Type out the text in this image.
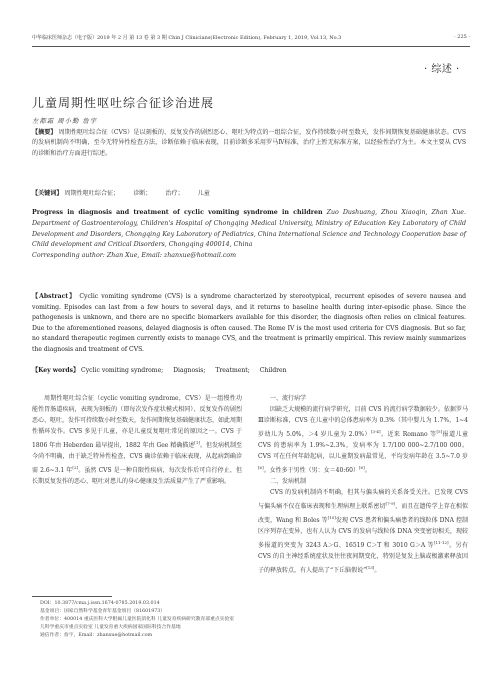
中华临床医师杂志（电子版）2019 年 2 月 第 13 卷 第 3 期 Chin J Clinicians(Electronic Edition), February 1, 2019, Vol.13, No.3	· 225 ·
· 综述 ·
儿童周期性呕吐综合征诊治进展
左都霜 周小勤 詹宇
【摘要】 周期性呕吐综合征（CVS）是以刻板的、反复发作的剧烈恶心、呕吐为特点的一组综合征，发作持续数小时至数天，发作间期恢复基础健康状态。CVS 的发病机制尚不明确，至今无特异性检查方法，诊断依赖于临床表现，目前诊断多采用罗马Ⅳ标准，治疗上暂无标准方案，以经验性治疗为主。本文主要从 CVS 的诊断和治疗方面进行综述。
【关键词】 周期性呕吐综合征； 诊断； 治疗； 儿童
Progress in diagnosis and treatment of cyclic vomiting syndrome in children Zuo Dushuang, Zhou Xiaoqin, Zhan Xue. Department of Gastroenterology, Children's Hospital of Chongqing Medical University, Ministry of Education Key Laboratory of Child Development and Disorders, Chongqing Key Laboratory of Pediatrics, China International Science and Technology Cooperation base of Child development and Critical Disorders, Chongqing 400014, China
Corresponding author: Zhan Xue, Email: zhanxue@hotmail.com
【Abstract】 Cyclic vomiting syndrome (CVS) is a syndrome characterized by stereotypical, recurrent episodes of severe nausea and vomiting. Episodes can last from a few hours to several days, and it returns to baseline health during inter-episodic phase. Since the pathogenesis is unknown, and there are no specific biomarkers available for this disorder, the diagnosis often relies on clinical features. Due to the aforementioned reasons, delayed diagnosis is often caused. The Rome IV is the most used criteria for CVS diagnosis. But so far, no standard therapeutic regimen currently exists to manage CVS, and the treatment is primarily empirical. This review mainly summarizes the diagnosis and treatment of CVS.
【Key words】 Cyclic vomiting syndrome; Diagnosis; Treatment; Children
周期性呕吐综合征（cyclic vomiting syndrome，CVS）是一组慢性功能性胃肠道疾病，表现为刻板的（即每次发作症状模式相同）、反复发作的剧烈恶心、呕吐，发作可持续数小时至数天，发作间期恢复基础健康状态，如此周期性循环发作。CVS 多见于儿童，亦是儿童反复呕吐常见的原因之一。CVS 于 1806 年由 Heberden 最早提出，1882 年由 Gee 精确描述[1]。但发病机制至今尚不明确，由于缺乏特异性检查，CVS 确诊依赖于临床表现，从起病到确诊需 2.6~3.1 年[2]。虽然 CVS 是一种自限性疾病，每次发作后可自行停止，但长期反复发作的恶心、呕吐对患儿的身心健康及生活质量产生了严重影响。
一、流行病学

因缺乏大规模的流行病学研究，目前 CVS 的流行病学数据较少。依据罗马Ⅲ诊断标准，CVS 在儿童中的总体患病率为 0.3%（其中婴儿为 1.7%，1~4 岁幼儿为 5.0%，＞4 岁儿童为 2.0%）[3-4]。近来 Romano 等[5]报道儿童 CVS 的患病率为 1.9%~2.3%，发病率为 1.7/100 000~2.7/100 000。CVS 可在任何年龄起病，以儿童期发病最常见，平均发病年龄在 3.5~7.0 岁[6]。女性多于男性（男：女＝40:60）[6]。

二、发病机制

CVS 的发病机制尚不明确，但其与偏头痛的关系备受关注。已发现 CVS 与偏头痛不仅在临床表现和生理病理上联系密切[7-9]，而且在遗传学上存在相似改变，Wang 和 Boles 等[10]发现 CVS 患者和偏头痛患者的线粒体 DNA 控制区序列存在变异，也有人认为 CVS 的发病与线粒体 DNA 突变密切相关，现较多报道的突变为 3243 A＞G、16519 C＞T 和 3010 G＞A 等[11-12]。另有 CVS 的自主神经系统症状及往往夜间期变化，特别是复发上脑或极激素释放因子的释放转点，有人提出了“下丘脑假说”[13]。

DOI：10.3877/cma.j.issn.1674-0785.2019.03.014
基金项目：国家自然科学基金青年基金项目（81601973）
作者单位：400014 重庆医科大学附属儿童医院消化科 儿童发育疾病研究教育部重点实验室 儿科学重庆市重点实验室 儿童发育重大疾病国家国际科技合作基地
通信作者：詹宇，Email：zhanxue@hotmail.com
